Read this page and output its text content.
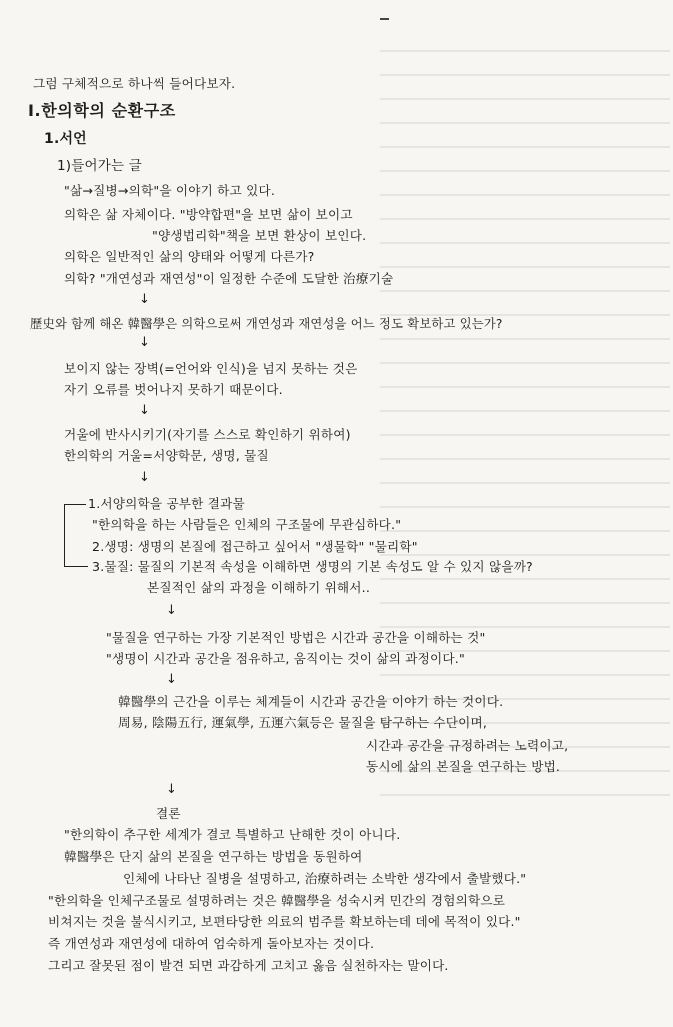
그럼 구체적으로 하나씩 들어다보자.
Ⅰ.한의학의 순환구조
1.서언
1)들어가는 글
"삶→질병→의학"을 이야기 하고 있다.
의학은 삶 자체이다. "방약합편"을 보면 삶이 보이고
"양생법리학"책을 보면 환상이 보인다.
의학은 일반적인 삶의 양태와 어떻게 다른가?
의학? "개연성과 재연성"이 일정한 수준에 도달한 治療기술
↓
歷史와 함께 해온 韓醫學은 의학으로써 개연성과 재연성을 어느 정도 확보하고 있는가?
↓
보이지 않는 장벽(=언어와 인식)을 넘지 못하는 것은
자기 오류를 벗어나지 못하기 때문이다.
↓
거울에 반사시키기(자기를 스스로 확인하기 위하여)
한의학의 거울=서양학문, 생명, 물질
↓
1.서양의학을 공부한 결과물
"한의학을 하는 사람들은 인체의 구조물에 무관심하다."
2.생명: 생명의 본질에 접근하고 싶어서 "생물학" "물리학"
3.물질: 물질의 기본적 속성을 이해하면 생명의 기본 속성도 알 수 있지 않을까?
본질적인 삶의 과정을 이해하기 위해서..
↓
"물질을 연구하는 가장 기본적인 방법은 시간과 공간을 이해하는 것"
"생명이 시간과 공간을 점유하고, 움직이는 것이 삶의 과정이다."
↓
韓醫學의 근간을 이루는 체계들이 시간과 공간을 이야기 하는 것이다.
周易, 陰陽五行, 運氣學, 五運六氣등은 물질을 탐구하는 수단이며,
시간과 공간을 규정하려는 노력이고,
동시에 삶의 본질을 연구하는 방법.
↓
결론
"한의학이 추구한 세계가 결코 특별하고 난해한 것이 아니다.
韓醫學은 단지 삶의 본질을 연구하는 방법을 동원하여
인체에 나타난 질병을 설명하고, 治療하려는 소박한 생각에서 출발했다."
"한의학을 인체구조물로 설명하려는 것은 韓醫學을 성숙시켜 민간의 경험의학으로
비쳐지는 것을 불식시키고, 보편타당한 의료의 범주를 확보하는데 데에 목적이 있다."
즉 개연성과 재연성에 대하여 엄숙하게 돌아보자는 것이다.
그리고 잘못된 점이 발견 되면 과감하게 고치고 옳음 실천하자는 말이다.
